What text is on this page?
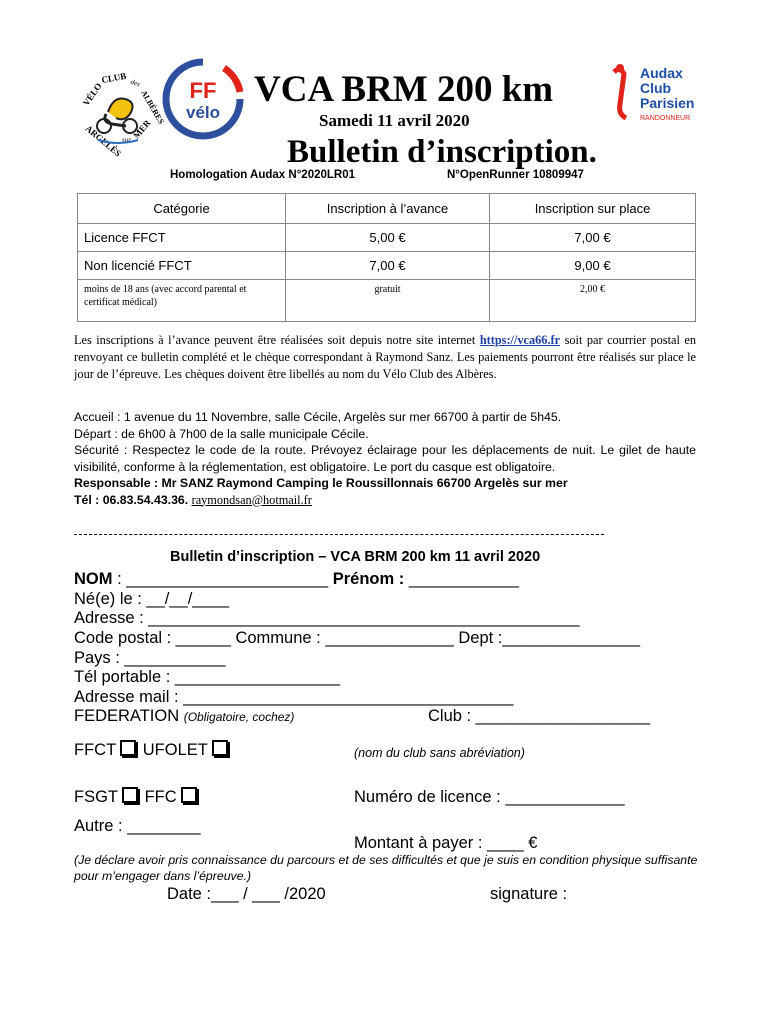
VÉLO
CLUB des
ALBÈRES
ARGELÈS
sur MER
FF
vélo
Audax
Club
Parisien
RANDONNEUR
VCA BRM 200 km
Samedi 11 avril 2020
Bulletin d’inscription.
Homologation Audax N°2020LR01	N°OpenRunner 10809947
Catégorie	Inscription à l’avance	Inscription sur place
Licence FFCT	5,00 €	7,00 €
Non licencié FFCT	7,00 €	9,00 €
moins de 18 ans (avec accord parental et certificat médical)	gratuit	2,00 €
Les inscriptions à l’avance peuvent être réalisées soit depuis notre site internet https://vca66.fr soit par courrier postal en renvoyant ce bulletin complété et le chèque correspondant à Raymond Sanz. Les paiements pourront être réalisés sur place le jour de l’épreuve. Les chèques doivent être libellés au nom du Vélo Club des Albères.
Accueil : 1 avenue du 11 Novembre, salle Cécile, Argelès sur mer 66700 à partir de 5h45.
Départ : de 6h00 à 7h00 de la salle municipale Cécile.
Sécurité : Respectez le code de la route. Prévoyez éclairage pour les déplacements de nuit. Le gilet de haute visibilité, conforme à la réglementation, est obligatoire. Le port du casque est obligatoire.
Responsable : Mr SANZ Raymond Camping le Roussillonnais 66700 Argelès sur mer
Tél : 06.83.54.43.36. raymondsan@hotmail.fr
Bulletin d’inscription – VCA BRM 200 km 11 avril 2020
NOM : ______________________ Prénom : ____________
Né(e) le : __/__/____
Adresse : _______________________________________________
Code postal : ______ Commune : ______________ Dept :_______________
Pays : ___________
Tél portable : __________________
Adresse mail : ____________________________________
FEDERATION (Obligatoire, cochez)	Club : ___________________
FFCT UFOLET	(nom du club sans abréviation)
FSGT FFC	Numéro de licence : _____________
Autre : ________
Montant à payer : ____ €
(Je déclare avoir pris connaissance du parcours et de ses difficultés et que je suis en condition physique suffisante pour m’engager dans l’épreuve.)
Date :___ / ___ /2020	signature :
